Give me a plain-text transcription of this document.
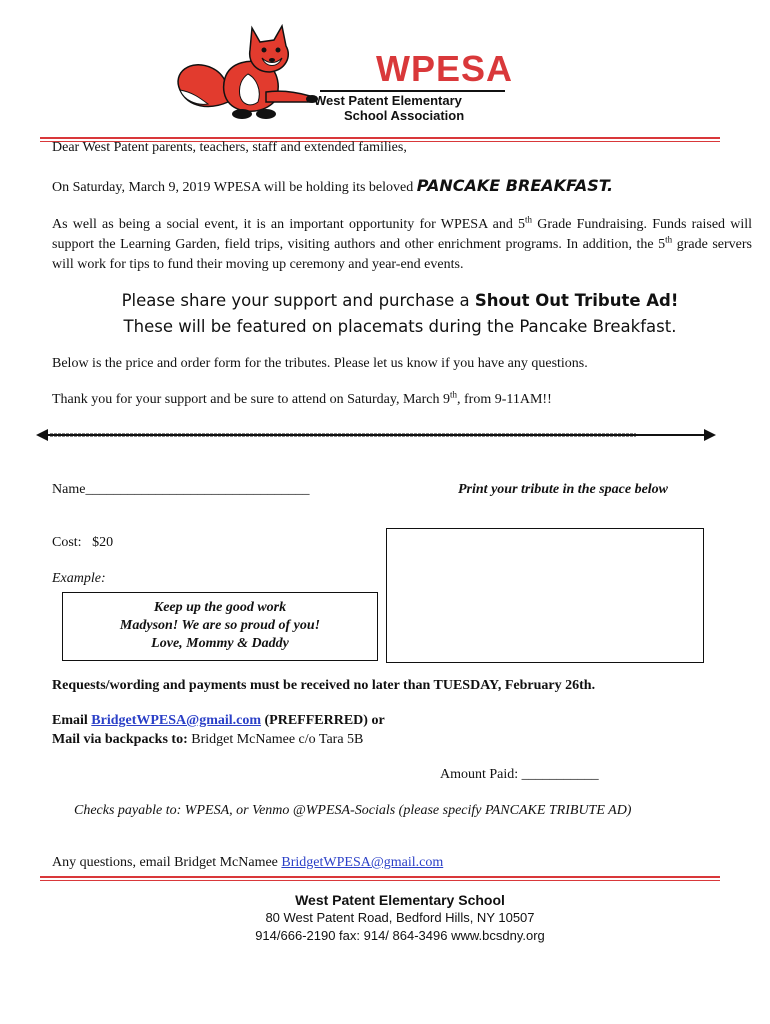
WPESA
West Patent Elementary
School Association
Dear West Patent parents, teachers, staff and extended families,
On Saturday, March 9, 2019 WPESA will be holding its beloved PANCAKE BREAKFAST.
As well as being a social event, it is an important opportunity for WPESA and 5th Grade Fundraising. Funds raised will support the Learning Garden, field trips, visiting authors and other enrichment programs. In addition, the 5th grade servers will work for tips to fund their moving up ceremony and year-end events.
Please share your support and purchase a Shout Out Tribute Ad!
These will be featured on placemats during the Pancake Breakfast.
Below is the price and order form for the tributes. Please let us know if you have any questions.
Thank you for your support and be sure to attend on Saturday, March 9th, from 9-11AM!!
Name________________________________	Print your tribute in the space below
Cost:   $20
Example:
Keep up the good work
Madyson! We are so proud of you!
Love, Mommy & Daddy
Requests/wording and payments must be received no later than TUESDAY, February 26th.
Email BridgetWPESA@gmail.com (PREFFERRED) or
Mail via backpacks to: Bridget McNamee c/o Tara 5B
Amount Paid: ___________
Checks payable to: WPESA, or Venmo @WPESA-Socials (please specify PANCAKE TRIBUTE AD)
Any questions, email Bridget McNamee BridgetWPESA@gmail.com
West Patent Elementary School
80 West Patent Road, Bedford Hills, NY 10507
914/666-2190 fax: 914/ 864-3496 www.bcsdny.org
